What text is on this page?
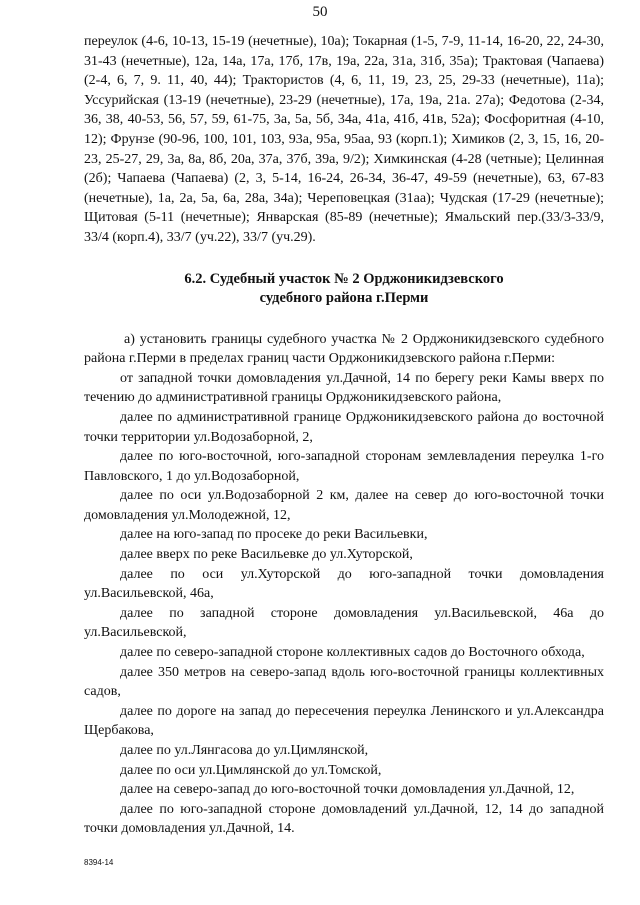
50

переулок (4-6, 10-13, 15-19 (нечетные), 10а); Токарная (1-5, 7-9, 11-14, 16-20, 22, 24-30, 31-43 (нечетные), 12а, 14а, 17а, 17б, 17в, 19а, 22а, 31а, 31б, 35а); Трактовая (Чапаева) (2-4, 6, 7, 9. 11, 40, 44); Трактористов (4, 6, 11, 19, 23, 25, 29-33 (нечетные), 11а); Уссурийская (13-19 (нечетные), 23-29 (нечетные), 17а, 19а, 21а. 27а); Федотова (2-34, 36, 38, 40-53, 56, 57, 59, 61-75, 3а, 5а, 5б, 34а, 41а, 41б, 41в, 52а); Фосфоритная (4-10, 12); Фрунзе (90-96, 100, 101, 103, 93а, 95а, 95аа, 93 (корп.1); Химиков (2, 3, 15, 16, 20-23, 25-27, 29, 3а, 8а, 8б, 20а, 37а, 37б, 39а, 9/2); Химкинская (4-28 (четные); Целинная (2б); Чапаева (Чапаева) (2, 3, 5-14, 16-24, 26-34, 36-47, 49-59 (нечетные), 63, 67-83 (нечетные), 1а, 2а, 5а, 6а, 28а, 34а); Череповецкая (31аа); Чудская (17-29 (нечетные); Щитовая (5-11 (нечетные); Январская (85-89 (нечетные); Ямальский пер.(33/3-33/9, 33/4 (корп.4), 33/7 (уч.22), 33/7 (уч.29).

6.2. Судебный участок № 2 Орджоникидзевского
судебного района г.Перми

а) установить границы судебного участка № 2 Орджоникидзевского судебного района г.Перми в пределах границ части Орджоникидзевского района г.Перми:

от западной точки домовладения ул.Дачной, 14 по берегу реки Камы вверх по течению до административной границы Орджоникидзевского района,

далее по административной границе Орджоникидзевского района до восточной точки территории ул.Водозаборной, 2,

далее по юго-восточной, юго-западной сторонам землевладения переулка 1-го Павловского, 1 до ул.Водозаборной,

далее по оси ул.Водозаборной 2 км, далее на север до юго-восточной точки домовладения ул.Молодежной, 12,

далее на юго-запад по просеке до реки Васильевки,

далее вверх по реке Васильевке до ул.Хуторской,

далее по оси ул.Хуторской до юго-западной точки домовладения ул.Васильевской, 46а,

далее по западной стороне домовладения ул.Васильевской, 46а до ул.Васильевской,

далее по северо-западной стороне коллективных садов до Восточного обхода,

далее 350 метров на северо-запад вдоль юго-восточной границы коллективных садов,

далее по дороге на запад до пересечения переулка Ленинского и ул.Александра Щербакова,

далее по ул.Лянгасова до ул.Цимлянской,

далее по оси ул.Цимлянской до ул.Томской,

далее на северо-запад до юго-восточной точки домовладения ул.Дачной, 12,

далее по юго-западной стороне домовладений ул.Дачной, 12, 14 до западной точки домовладения ул.Дачной, 14.

8394-14
